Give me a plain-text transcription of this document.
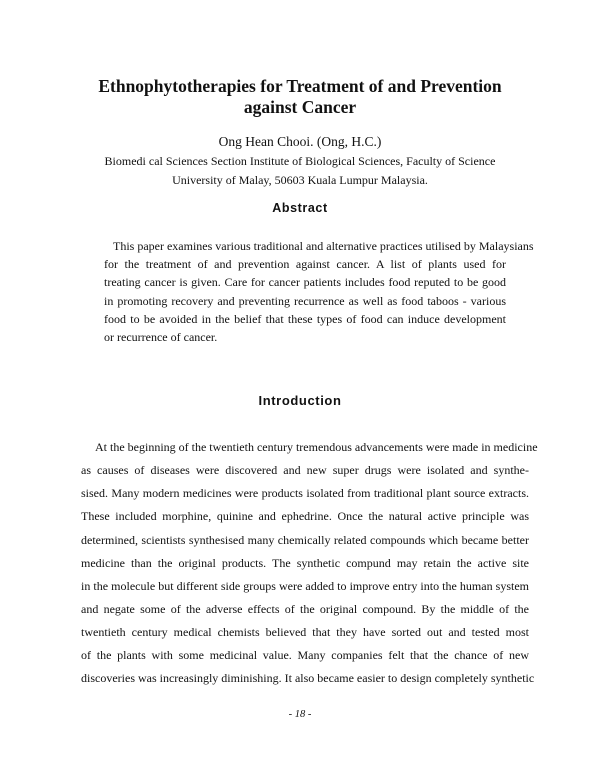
Ethnophytotherapies for Treatment of and Prevention
against Cancer
Ong Hean Chooi. (Ong, H.C.)
Biomedi cal Sciences Section Institute of Biological Sciences, Faculty of Science
University of Malay, 50603 Kuala Lumpur Malaysia.
Abstract
This paper examines various traditional and alternative practices utilised by Malaysians
for the treatment of and prevention against cancer. A list of plants used for
treating cancer is given. Care for cancer patients includes food reputed to be good
in promoting recovery and preventing recurrence as well as food taboos - various
food to be avoided in the belief that these types of food can induce development
or recurrence of cancer.
Introduction
At the beginning of the twentieth century tremendous advancements were made in medicine
as causes of diseases were discovered and new super drugs were isolated and synthe-
sised. Many modern medicines were products isolated from traditional plant source extracts.
These included morphine, quinine and ephedrine. Once the natural active principle was
determined, scientists synthesised many chemically related compounds which became better
medicine than the original products. The synthetic compund may retain the active site
in the molecule but different side groups were added to improve entry into the human system
and negate some of the adverse effects of the original compound. By the middle of the
twentieth century medical chemists believed that they have sorted out and tested most
of the plants with some medicinal value. Many companies felt that the chance of new
discoveries was increasingly diminishing. It also became easier to design completely synthetic
- 18 -
